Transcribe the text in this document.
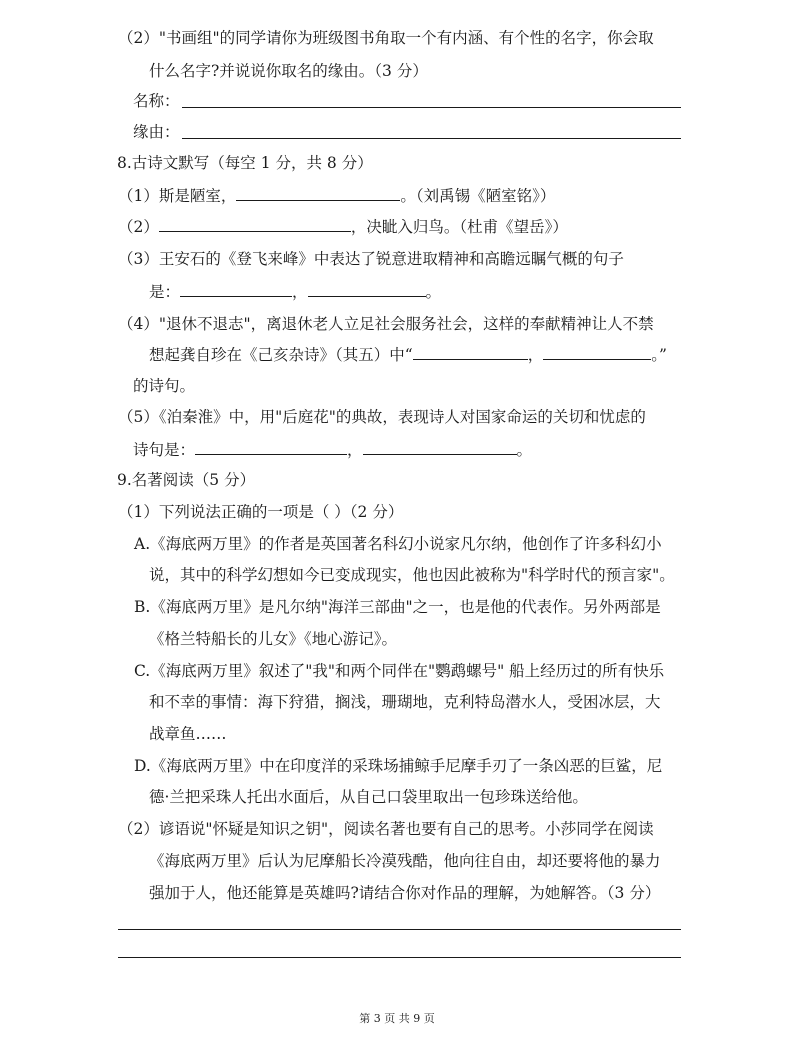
（2）"书画组"的同学请你为班级图书角取一个有内涵、有个性的名字，你会取
什么名字?并说说你取名的缘由。（3 分）
名称：
缘由：
8.古诗文默写（每空 1 分，共 8 分）
（1）斯是陋室，	。（刘禹锡《陋室铭》）
（2）	，决眦入归鸟。（杜甫《望岳》）
（3）王安石的《登飞来峰》中表达了锐意进取精神和高瞻远瞩气概的句子
是：	，	。
（4）"退休不退志"，离退休老人立足社会服务社会，这样的奉献精神让人不禁
想起龚自珍在《己亥杂诗》（其五）中“	，	。”
的诗句。
（5）《泊秦淮》中，用"后庭花"的典故，表现诗人对国家命运的关切和忧虑的
诗句是：	，	。
9.名著阅读（5 分）
（1）下列说法正确的一项是（ ）（2 分）
A.《海底两万里》的作者是英国著名科幻小说家凡尔纳，他创作了许多科幻小
说，其中的科学幻想如今已变成现实，他也因此被称为"科学时代的预言家"。
B.《海底两万里》是凡尔纳"海洋三部曲"之一，也是他的代表作。另外两部是
《格兰特船长的儿女》《地心游记》。
C.《海底两万里》叙述了"我"和两个同伴在"鹦鹉螺号" 船上经历过的所有快乐
和不幸的事情：海下狩猎，搁浅，珊瑚地，克利特岛潜水人，受困冰层，大
战章鱼……
D.《海底两万里》中在印度洋的采珠场捕鲸手尼摩手刃了一条凶恶的巨鲨，尼
德·兰把采珠人托出水面后，从自己口袋里取出一包珍珠送给他。
（2）谚语说"怀疑是知识之钥"，阅读名著也要有自己的思考。小莎同学在阅读
《海底两万里》后认为尼摩船长冷漠残酷，他向往自由，却还要将他的暴力
强加于人，他还能算是英雄吗?请结合你对作品的理解，为她解答。（3 分）
第 3 页 共 9 页
